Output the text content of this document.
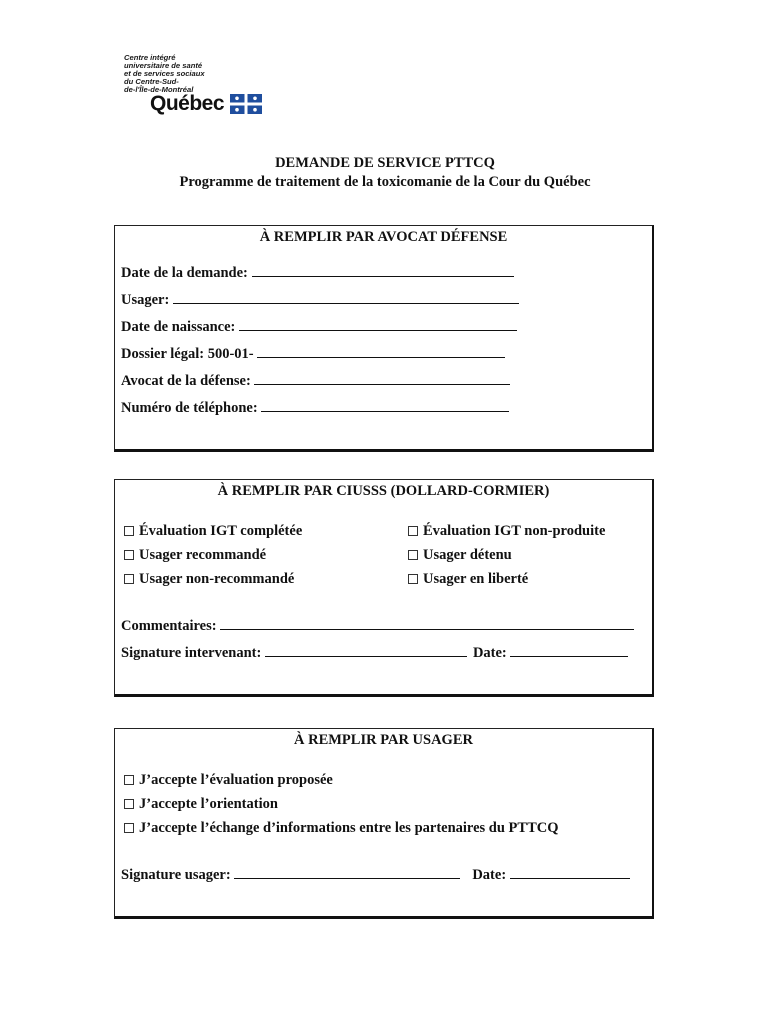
Centre intégré
universitaire de santé
et de services sociaux
du Centre-Sud-
de-l'Île-de-Montréal
Québec
DEMANDE DE SERVICE PTTCQ
Programme de traitement de la toxicomanie de la Cour du Québec
À REMPLIR PAR AVOCAT DÉFENSE
Date de la demande:
Usager:
Date de naissance:
Dossier légal: 500-01-
Avocat de la défense:
Numéro de téléphone:
À REMPLIR PAR CIUSSS (DOLLARD-CORMIER)
Évaluation IGT complétée
Usager recommandé
Usager non-recommandé
Évaluation IGT non-produite
Usager détenu
Usager en liberté
Commentaires:
Signature intervenant:	Date:
À REMPLIR PAR USAGER
J’accepte l’évaluation proposée
J’accepte l’orientation
J’accepte l’échange d’informations entre les partenaires du PTTCQ
Signature usager:	Date:
